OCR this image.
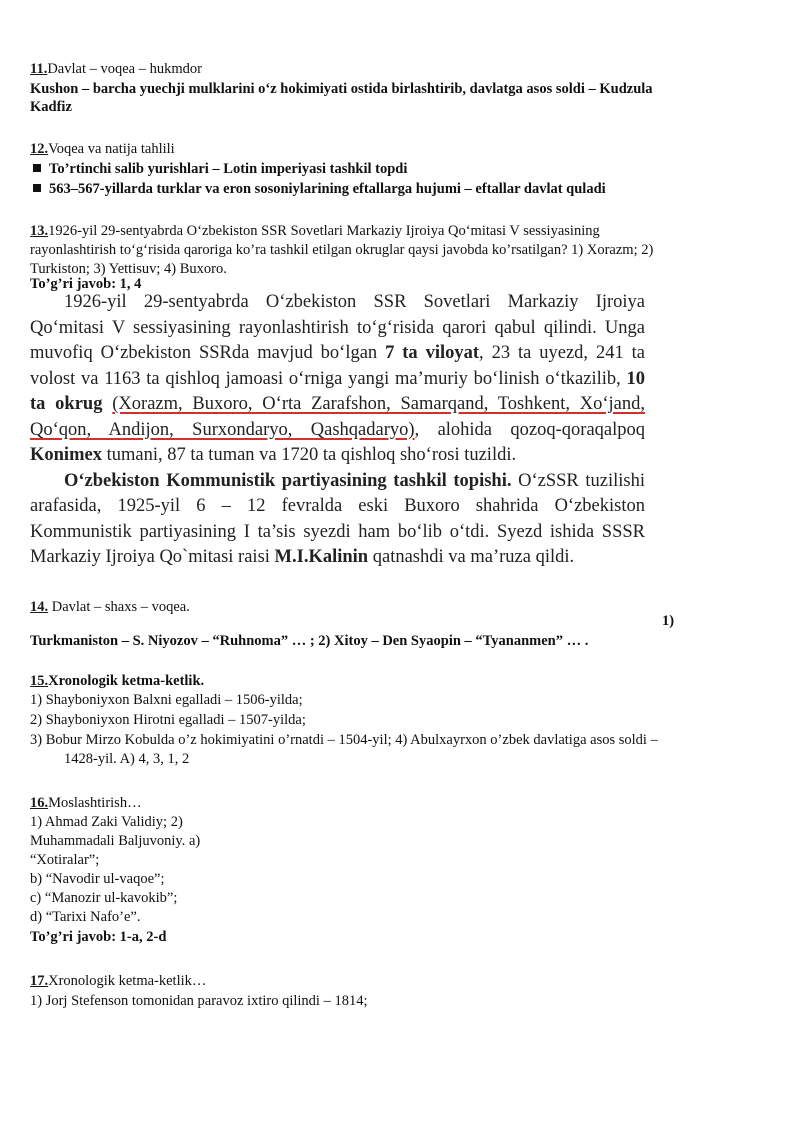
11.Davlat – voqea – hukmdor
Kushon – barcha yuechji mulklarini o‘z hokimiyati ostida birlashtirib, davlatga asos soldi – Kudzula
Kadfiz
12.Voqea va natija tahlili
To’rtinchi salib yurishlari – Lotin imperiyasi tashkil topdi
563–567-yillarda turklar va eron sosoniylarining eftallarga hujumi – eftallar davlat quladi
13.1926-yil 29-sentyabrda O‘zbekiston SSR Sovetlari Markaziy Ijroiya Qo‘mitasi V sessiyasining
rayonlashtirish to‘g‘risida qaroriga ko’ra tashkil etilgan okruglar qaysi javobda ko’rsatilgan? 1) Xorazm; 2)
Turkiston; 3) Yettisuv; 4) Buxoro.
To’g’ri javob: 1, 4

1926-yil 29-sentyabrda O‘zbekiston SSR Sovetlari Markaziy Ijroiya Qo‘mitasi V sessiyasining rayonlashtirish to‘g‘risida qarori qabul qilindi. Unga muvofiq O‘zbekiston SSRda mavjud bo‘lgan 7 ta viloyat, 23 ta uyezd, 241 ta volost va 1163 ta qishloq jamoasi o‘rniga yangi ma’muriy bo‘linish o‘tkazilib, 10 ta okrug (Xorazm, Buxoro, O‘rta Zarafshon, Samarqand, Toshkent, Xo‘jand, Qo‘qon, Andijon, Surxondaryo, Qashqadaryo), alohida qozoq-qoraqalpoq Konimex tumani, 87 ta tuman va 1720 ta qishloq sho‘rosi tuzildi.

O‘zbekiston Kommunistik partiyasining tashkil topishi. O‘zSSR tuzilishi arafasida, 1925-yil 6 – 12 fevralda eski Buxoro shahrida O‘zbekiston Kommunistik partiyasining I ta’sis syezdi ham bo‘lib o‘tdi. Syezd ishida SSSR Markaziy Ijroiya Qo`mitasi raisi M.I.Kalinin qatnashdi va ma’ruza qildi.

14. Davlat – shaxs – voqea.
1)
Turkmaniston – S. Niyozov – “Ruhnoma” … ; 2) Xitoy – Den Syaopin – “Tyananmen” … .
15.Xronologik ketma-ketlik.
1) Shayboniyxon Balxni egalladi – 1506-yilda;
2) Shayboniyxon Hirotni egalladi – 1507-yilda;
3) Bobur Mirzo Kobulda o’z hokimiyatini o’rnatdi – 1504-yil; 4) Abulxayrxon o’zbek davlatiga asos soldi –
1428-yil. A) 4, 3, 1, 2
16.Moslashtirish…
1) Ahmad Zaki Validiy; 2)
Muhammadali Baljuvoniy. a)
“Xotiralar”;
b) “Navodir ul-vaqoe”;
c) “Manozir ul-kavokib”;
d) “Tarixi Nafo’e”.
To’g’ri javob: 1-a, 2-d
17.Xronologik ketma-ketlik…
1) Jorj Stefenson tomonidan paravoz ixtiro qilindi – 1814;
